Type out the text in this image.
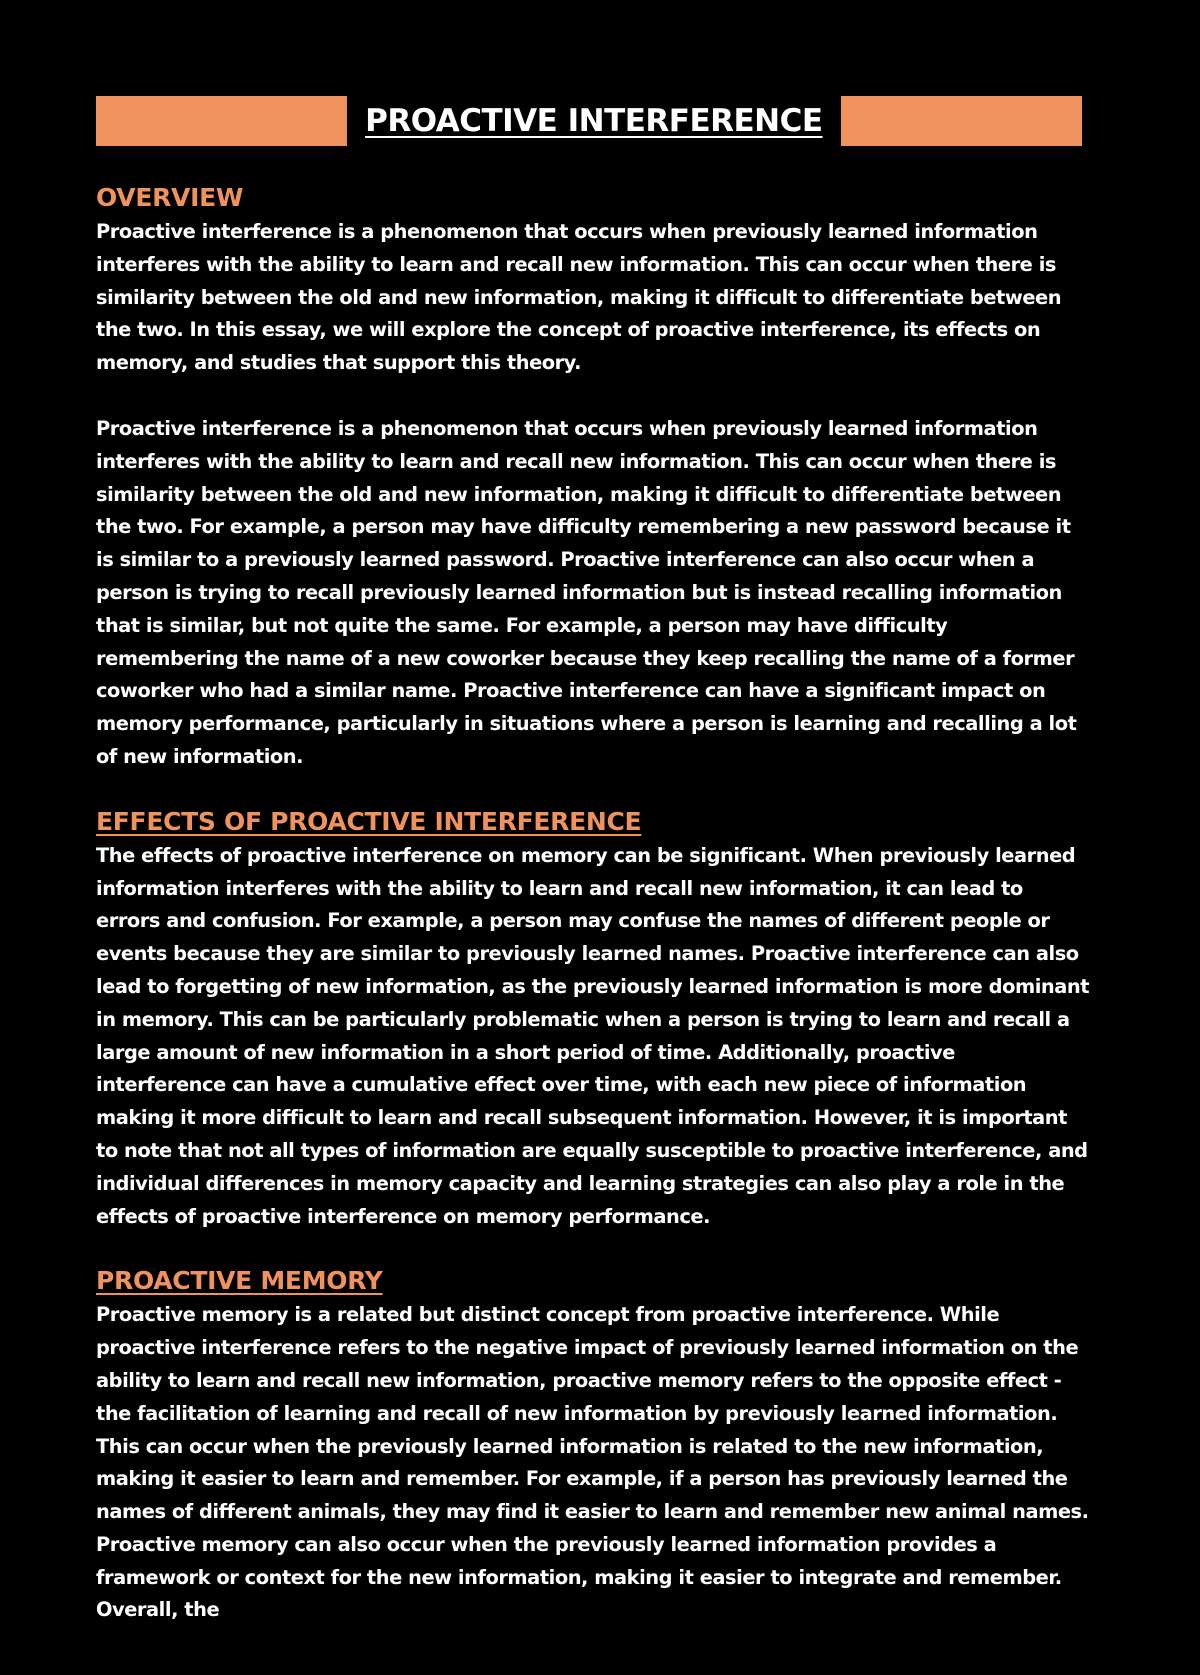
PROACTIVE INTERFERENCE
OVERVIEW

Proactive interference is a phenomenon that occurs when previously learned information interferes with the ability to learn and recall new information. This can occur when there is similarity between the old and new information, making it difficult to differentiate between the two. In this essay, we will explore the concept of proactive interference, its effects on memory, and studies that support this theory.

Proactive interference is a phenomenon that occurs when previously learned information interferes with the ability to learn and recall new information. This can occur when there is similarity between the old and new information, making it difficult to differentiate between the two. For example, a person may have difficulty remembering a new password because it is similar to a previously learned password. Proactive interference can also occur when a person is trying to recall previously learned information but is instead recalling information that is similar, but not quite the same. For example, a person may have difficulty remembering the name of a new coworker because they keep recalling the name of a former coworker who had a similar name. Proactive interference can have a significant impact on memory performance, particularly in situations where a person is learning and recalling a lot of new information.

EFFECTS OF PROACTIVE INTERFERENCE

The effects of proactive interference on memory can be significant. When previously learned information interferes with the ability to learn and recall new information, it can lead to errors and confusion. For example, a person may confuse the names of different people or events because they are similar to previously learned names. Proactive interference can also lead to forgetting of new information, as the previously learned information is more dominant in memory. This can be particularly problematic when a person is trying to learn and recall a large amount of new information in a short period of time. Additionally, proactive interference can have a cumulative effect over time, with each new piece of information making it more difficult to learn and recall subsequent information. However, it is important to note that not all types of information are equally susceptible to proactive interference, and individual differences in memory capacity and learning strategies can also play a role in the effects of proactive interference on memory performance.

PROACTIVE MEMORY

Proactive memory is a related but distinct concept from proactive interference. While proactive interference refers to the negative impact of previously learned information on the ability to learn and recall new information, proactive memory refers to the opposite effect - the facilitation of learning and recall of new information by previously learned information. This can occur when the previously learned information is related to the new information, making it easier to learn and remember. For example, if a person has previously learned the names of different animals, they may find it easier to learn and remember new animal names. Proactive memory can also occur when the previously learned information provides a framework or context for the new information, making it easier to integrate and remember. Overall, the
